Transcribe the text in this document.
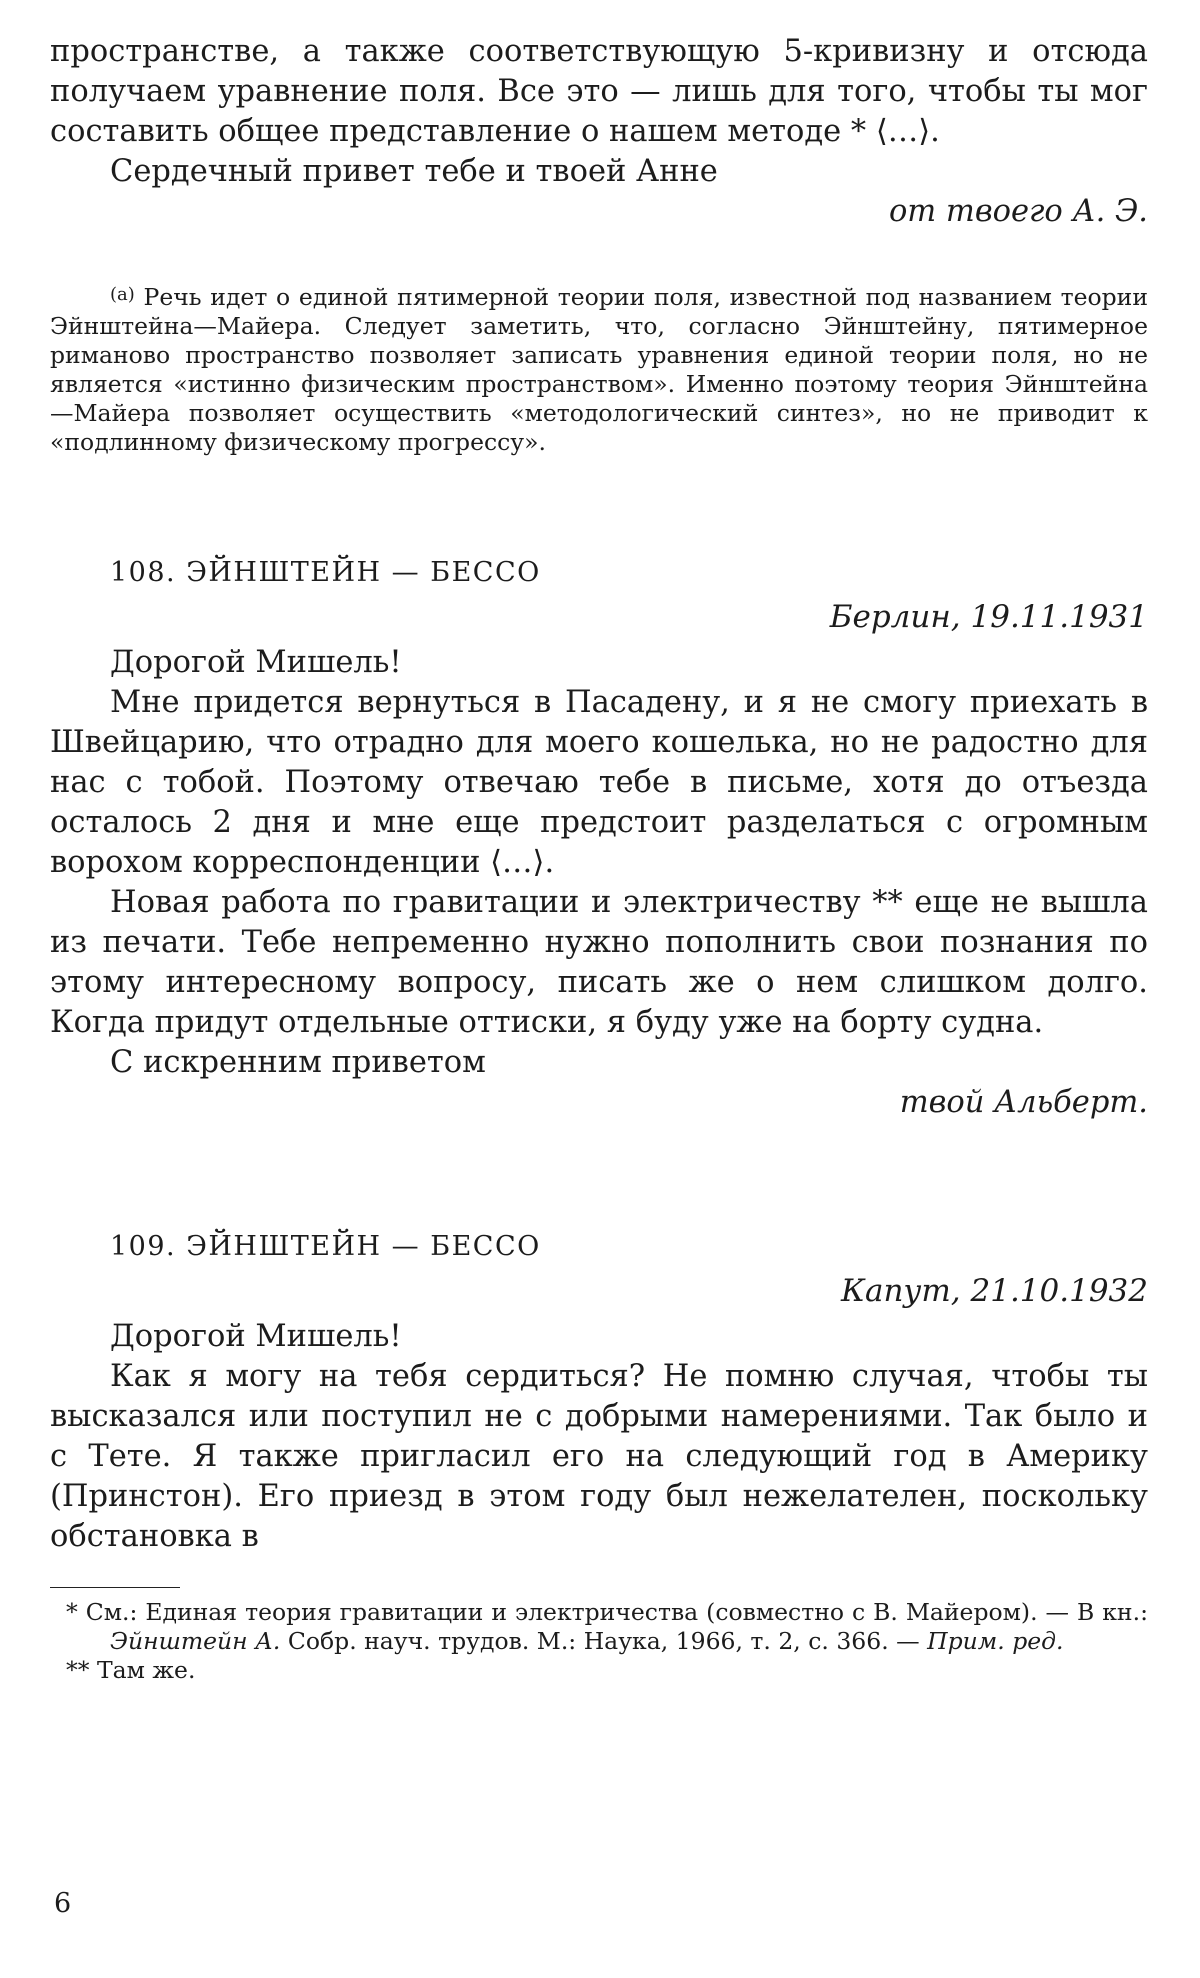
пространстве, а также соответствующую 5-кривизну и отсюда получаем уравнение поля. Все это — лишь для того, чтобы ты мог составить общее представление о нашем методе * ⟨…⟩.

Сердечный привет тебе и твоей Анне

от твоего А. Э.

$^{(a)}$ Речь идет о единой пятимерной теории поля, известной под названием теории Эйнштейна—Майера. Следует заметить, что, согласно Эйнштейну, пятимерное риманово пространство позволяет записать уравнения единой теории поля, но не является «истинно физическим пространством». Именно поэтому теория Эйнштейна—Майера позволяет осуществить «методологический синтез», но не приводит к «подлинному физическому прогрессу».

108. ЭЙНШТЕЙН — БЕССО

Берлин, 19.11.1931

Дорогой Мишель!

Мне придется вернуться в Пасадену, и я не смогу приехать в Швейцарию, что отрадно для моего кошелька, но не радостно для нас с тобой. Поэтому отвечаю тебе в письме, хотя до отъезда осталось 2 дня и мне еще предстоит разделаться с огромным ворохом корреспонденции ⟨…⟩.

Новая работа по гравитации и электричеству ** еще не вышла из печати. Тебе непременно нужно пополнить свои познания по этому интересному вопросу, писать же о нем слишком долго. Когда придут отдельные оттиски, я буду уже на борту судна.

С искренним приветом

твой Альберт.

109. ЭЙНШТЕЙН — БЕССО

Капут, 21.10.1932

Дорогой Мишель!

Как я могу на тебя сердиться? Не помню случая, чтобы ты высказался или поступил не с добрыми намерениями. Так было и с Тете. Я также пригласил его на следующий год в Америку (Принстон). Его приезд в этом году был нежелателен, поскольку обстановка в

* См.: Единая теория гравитации и электричества (совместно с В. Майером). — В кн.: Эйнштейн А. Собр. науч. трудов. М.: Наука, 1966, т. 2, с. 366. — Прим. ред.

** Там же.

6
